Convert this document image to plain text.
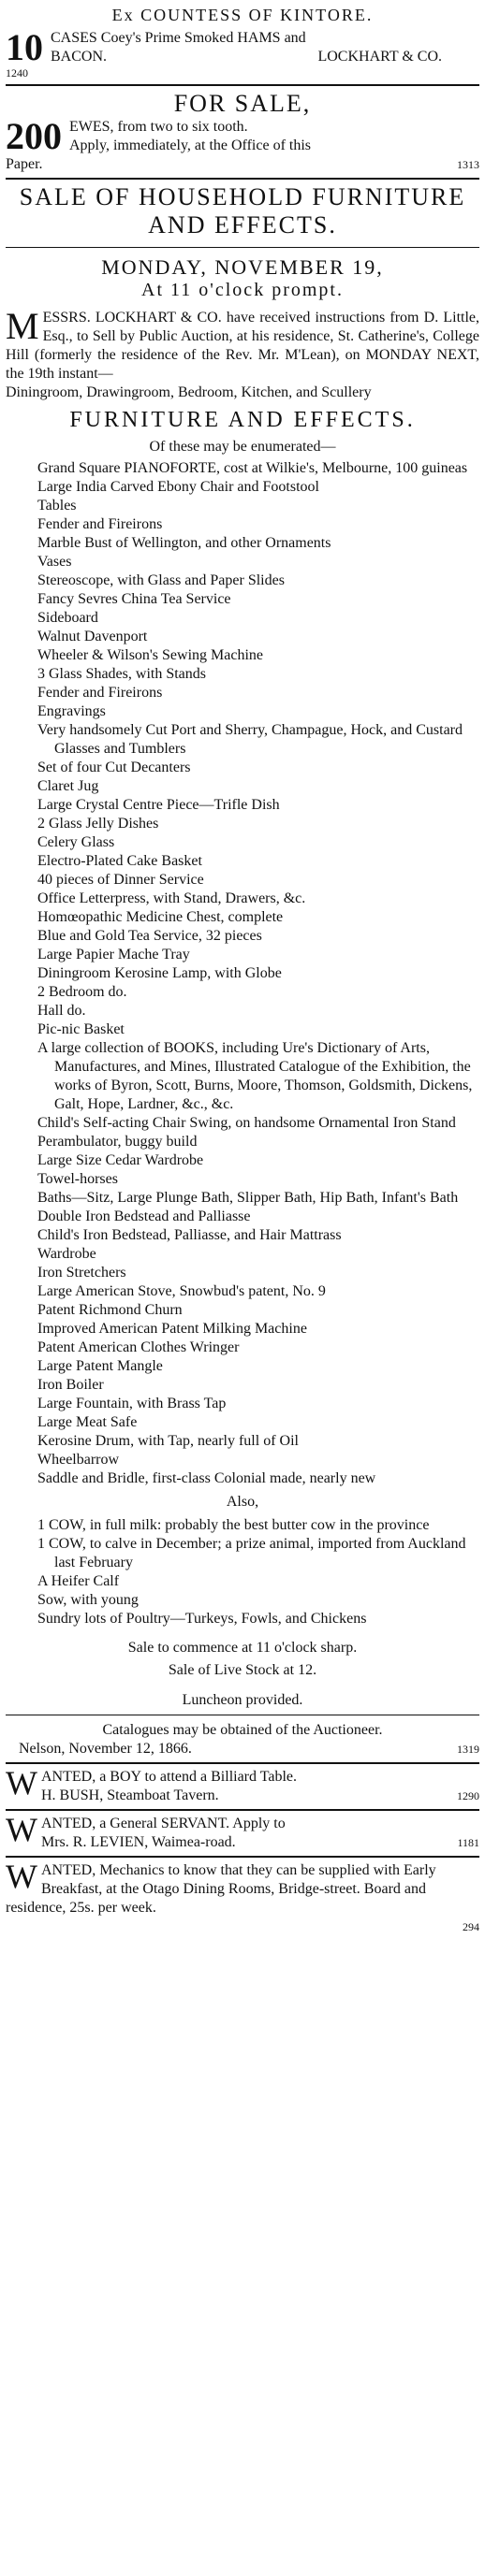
Ex COUNTESS OF KINTORE.
10
1240
CASES Coey's Prime Smoked HAMS and
BACON.	LOCKHART & CO.
FOR SALE,
200 EWES, from two to six tooth.
Apply, immediately, at the Office of this
Paper.	1313
SALE OF HOUSEHOLD FURNITURE
AND EFFECTS.
MONDAY, NOVEMBER 19,
At 11 o'clock prompt.
M ESSRS. LOCKHART & CO. have received instructions from D. Little, Esq., to Sell by Public Auction, at his residence, St. Catherine's, College Hill (formerly the residence of the Rev. Mr. M'Lean), on MONDAY NEXT, the 19th instant—
Diningroom, Drawingroom, Bedroom, Kitchen, and Scullery
FURNITURE AND EFFECTS.
Of these may be enumerated—
Grand Square PIANOFORTE, cost at Wilkie's, Melbourne, 100 guineas
Large India Carved Ebony Chair and Footstool
Tables
Fender and Fireirons
Marble Bust of Wellington, and other Ornaments
Vases
Stereoscope, with Glass and Paper Slides
Fancy Sevres China Tea Service
Sideboard
Walnut Davenport
Wheeler & Wilson's Sewing Machine
3 Glass Shades, with Stands
Fender and Fireirons
Engravings
Very handsomely Cut Port and Sherry, Champague, Hock, and Custard Glasses and Tumblers
Set of four Cut Decanters
Claret Jug
Large Crystal Centre Piece—Trifle Dish
2 Glass Jelly Dishes
Celery Glass
Electro-Plated Cake Basket
40 pieces of Dinner Service
Office Letterpress, with Stand, Drawers, &c.
Homœopathic Medicine Chest, complete
Blue and Gold Tea Service, 32 pieces
Large Papier Mache Tray
Diningroom Kerosine Lamp, with Globe
2 Bedroom do.
Hall do.
Pic-nic Basket
A large collection of BOOKS, including Ure's Dictionary of Arts, Manufactures, and Mines, Illustrated Catalogue of the Exhibition, the works of Byron, Scott, Burns, Moore, Thomson, Goldsmith, Dickens, Galt, Hope, Lardner, &c., &c.
Child's Self-acting Chair Swing, on handsome Ornamental Iron Stand
Perambulator, buggy build
Large Size Cedar Wardrobe
Towel-horses
Baths—Sitz, Large Plunge Bath, Slipper Bath, Hip Bath, Infant's Bath
Double Iron Bedstead and Palliasse
Child's Iron Bedstead, Palliasse, and Hair Mattrass
Wardrobe
Iron Stretchers
Large American Stove, Snowbud's patent, No. 9
Patent Richmond Churn
Improved American Patent Milking Machine
Patent American Clothes Wringer
Large Patent Mangle
Iron Boiler
Large Fountain, with Brass Tap
Large Meat Safe
Kerosine Drum, with Tap, nearly full of Oil
Wheelbarrow
Saddle and Bridle, first-class Colonial made, nearly new
Also,
1 COW, in full milk: probably the best butter cow in the province
1 COW, to calve in December; a prize animal, imported from Auckland last February
A Heifer Calf
Sow, with young
Sundry lots of Poultry—Turkeys, Fowls, and Chickens
Sale to commence at 11 o'clock sharp.
Sale of Live Stock at 12.
Luncheon provided.
Catalogues may be obtained of the Auctioneer.
Nelson, November 12, 1866.	1319
W ANTED, a BOY to attend a Billiard Table.
H. BUSH, Steamboat Tavern.	1290
W ANTED, a General SERVANT. Apply to
Mrs. R. LEVIEN, Waimea-road.	1181
W ANTED, Mechanics to know that they can be supplied with Early Breakfast, at the Otago Dining Rooms, Bridge-street. Board and residence, 25s. per week.
294
